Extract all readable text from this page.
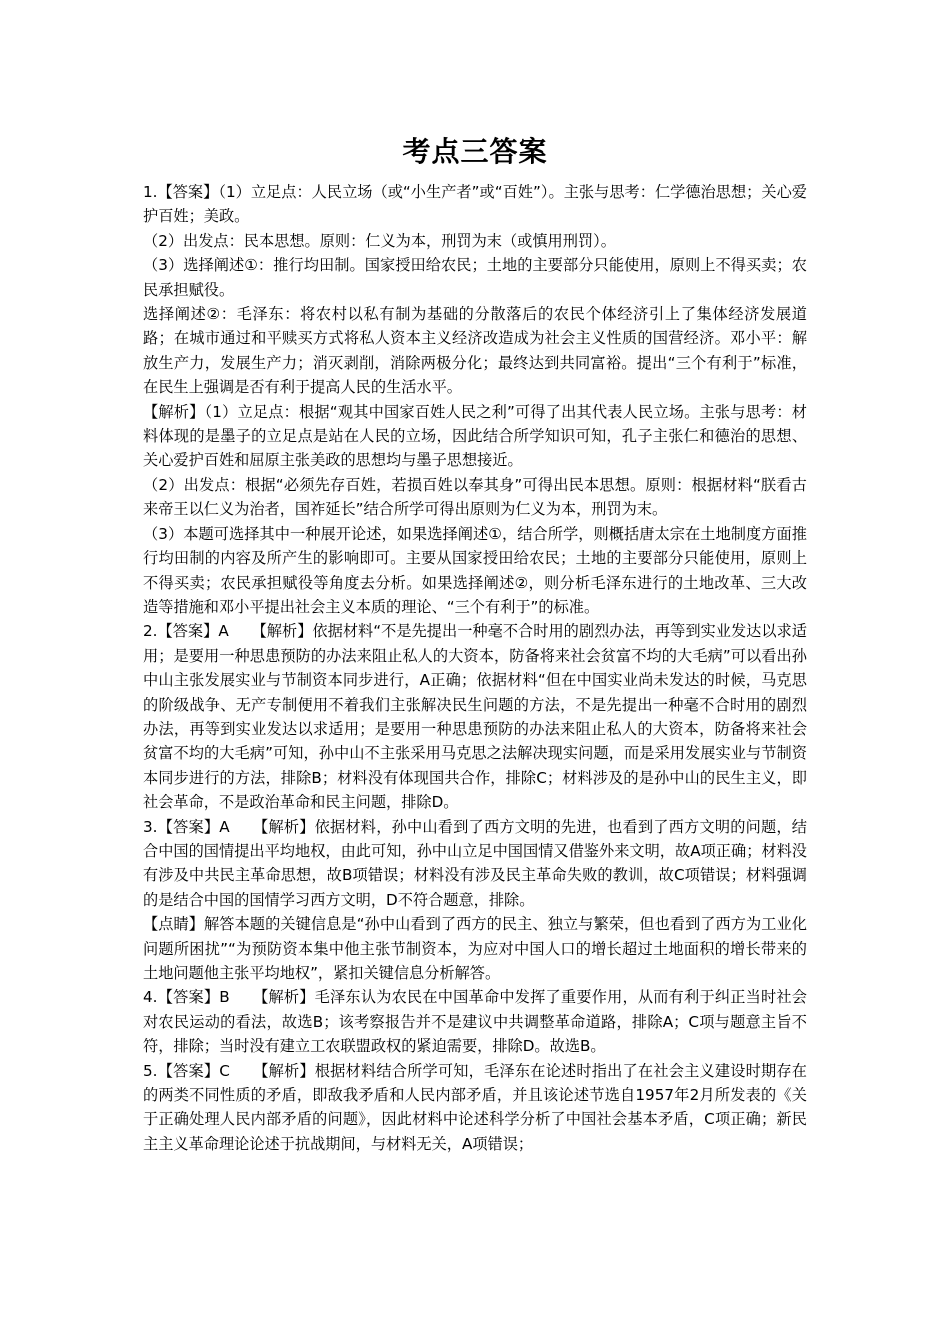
考点三答案

1.【答案】（1）立足点：人民立场（或“小生产者”或“百姓”）。主张与思考：仁学德治思想；关心爱护百姓；美政。

（2）出发点：民本思想。原则：仁义为本，刑罚为末（或慎用刑罚）。

（3）选择阐述①：推行均田制。国家授田给农民；土地的主要部分只能使用，原则上不得买卖；农民承担赋役。

选择阐述②：毛泽东：将农村以私有制为基础的分散落后的农民个体经济引上了集体经济发展道路；在城市通过和平赎买方式将私人资本主义经济改造成为社会主义性质的国营经济。邓小平：解放生产力，发展生产力；消灭剥削，消除两极分化；最终达到共同富裕。提出“三个有利于”标准，在民生上强调是否有利于提高人民的生活水平。

【解析】（1）立足点：根据“观其中国家百姓人民之利”可得了出其代表人民立场。主张与思考：材料体现的是墨子的立足点是站在人民的立场，因此结合所学知识可知，孔子主张仁和德治的思想、关心爱护百姓和屈原主张美政的思想均与墨子思想接近。

（2）出发点：根据“必须先存百姓，若损百姓以奉其身”可得出民本思想。原则：根据材料“朕看古来帝王以仁义为治者，国祚延长”结合所学可得出原则为仁义为本，刑罚为末。

（3）本题可选择其中一种展开论述，如果选择阐述①，结合所学，则概括唐太宗在土地制度方面推行均田制的内容及所产生的影响即可。主要从国家授田给农民；土地的主要部分只能使用，原则上不得买卖；农民承担赋役等角度去分析。如果选择阐述②，则分析毛泽东进行的土地改革、三大改造等措施和邓小平提出社会主义本质的理论、“三个有利于”的标准。

2.【答案】A　　【解析】依据材料“不是先提出一种毫不合时用的剧烈办法，再等到实业发达以求适用；是要用一种思患预防的办法来阻止私人的大资本，防备将来社会贫富不均的大毛病”可以看出孙中山主张发展实业与节制资本同步进行，A正确；依据材料“但在中国实业尚未发达的时候，马克思的阶级战争、无产专制便用不着我们主张解决民生问题的方法，不是先提出一种毫不合时用的剧烈办法，再等到实业发达以求适用；是要用一种思患预防的办法来阻止私人的大资本，防备将来社会贫富不均的大毛病”可知，孙中山不主张采用马克思之法解决现实问题，而是采用发展实业与节制资本同步进行的方法，排除B；材料没有体现国共合作，排除C；材料涉及的是孙中山的民生主义，即社会革命，不是政治革命和民主问题，排除D。

3.【答案】A　　【解析】依据材料，孙中山看到了西方文明的先进，也看到了西方文明的问题，结合中国的国情提出平均地权，由此可知，孙中山立足中国国情又借鉴外来文明，故A项正确；材料没有涉及中共民主革命思想，故B项错误；材料没有涉及民主革命失败的教训，故C项错误；材料强调的是结合中国的国情学习西方文明，D不符合题意，排除。

【点睛】解答本题的关键信息是“孙中山看到了西方的民主、独立与繁荣，但也看到了西方为工业化问题所困扰”“为预防资本集中他主张节制资本，为应对中国人口的增长超过土地面积的增长带来的土地问题他主张平均地权”，紧扣关键信息分析解答。

4.【答案】B　　【解析】毛泽东认为农民在中国革命中发挥了重要作用，从而有利于纠正当时社会对农民运动的看法，故选B；该考察报告并不是建议中共调整革命道路，排除A；C项与题意主旨不符，排除；当时没有建立工农联盟政权的紧迫需要，排除D。故选B。

5.【答案】C　　【解析】根据材料结合所学可知，毛泽东在论述时指出了在社会主义建设时期存在的两类不同性质的矛盾，即敌我矛盾和人民内部矛盾，并且该论述节选自1957年2月所发表的《关于正确处理人民内部矛盾的问题》，因此材料中论述科学分析了中国社会基本矛盾，C项正确；新民主主义革命理论论述于抗战期间，与材料无关，A项错误；
